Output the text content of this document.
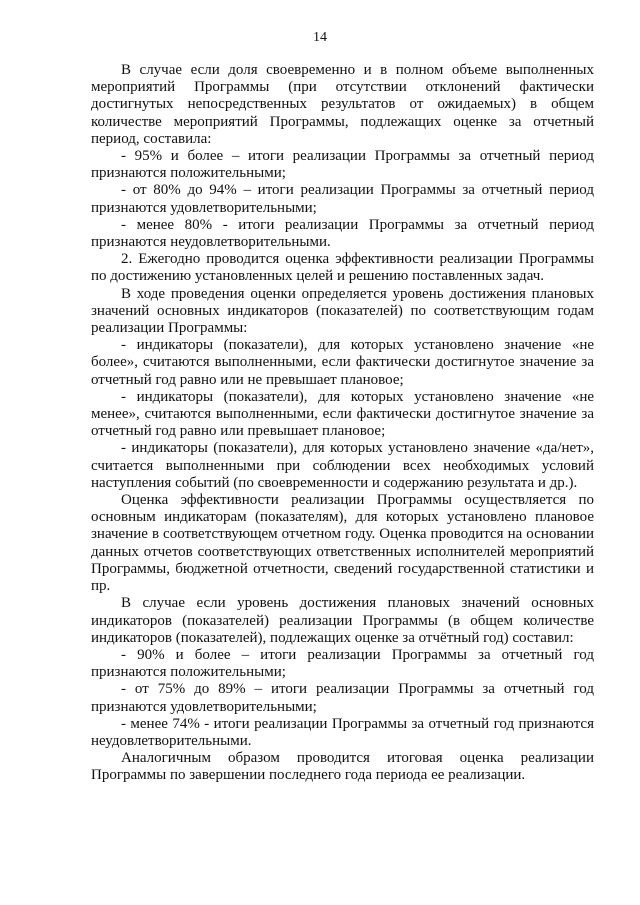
14

В случае если доля своевременно и в полном объеме выполненных мероприятий Программы (при отсутствии отклонений фактически достигнутых непосредственных результатов от ожидаемых) в общем количестве мероприятий Программы, подлежащих оценке за отчетный период, составила:

- 95% и более – итоги реализации Программы за отчетный период признаются положительными;

- от 80% до 94% – итоги реализации Программы за отчетный период признаются удовлетворительными;

- менее 80% - итоги реализации Программы за отчетный период признаются неудовлетворительными.

2. Ежегодно проводится оценка эффективности реализации Программы по достижению установленных целей и решению поставленных задач.

В ходе проведения оценки определяется уровень достижения плановых значений основных индикаторов (показателей) по соответствующим годам реализации Программы:

- индикаторы (показатели), для которых установлено значение «не более», считаются выполненными, если фактически достигнутое значение за отчетный год равно или не превышает плановое;

- индикаторы (показатели), для которых установлено значение «не менее», считаются выполненными, если фактически достигнутое значение за отчетный год равно или превышает плановое;

- индикаторы (показатели), для которых установлено значение «да/нет», считается выполненными при соблюдении всех необходимых условий наступления событий (по своевременности и содержанию результата и др.).

Оценка эффективности реализации Программы осуществляется по основным индикаторам (показателям), для которых установлено плановое значение в соответствующем отчетном году. Оценка проводится на основании данных отчетов соответствующих ответственных исполнителей мероприятий Программы, бюджетной отчетности, сведений государственной статистики и пр.

В случае если уровень достижения плановых значений основных индикаторов (показателей) реализации Программы (в общем количестве индикаторов (показателей), подлежащих оценке за отчётный год) составил:

- 90% и более – итоги реализации Программы за отчетный год признаются положительными;

- от 75% до 89% – итоги реализации Программы за отчетный год признаются удовлетворительными;

- менее 74% - итоги реализации Программы за отчетный год признаются неудовлетворительными.

Аналогичным образом проводится итоговая оценка реализации Программы по завершении последнего года периода ее реализации.
